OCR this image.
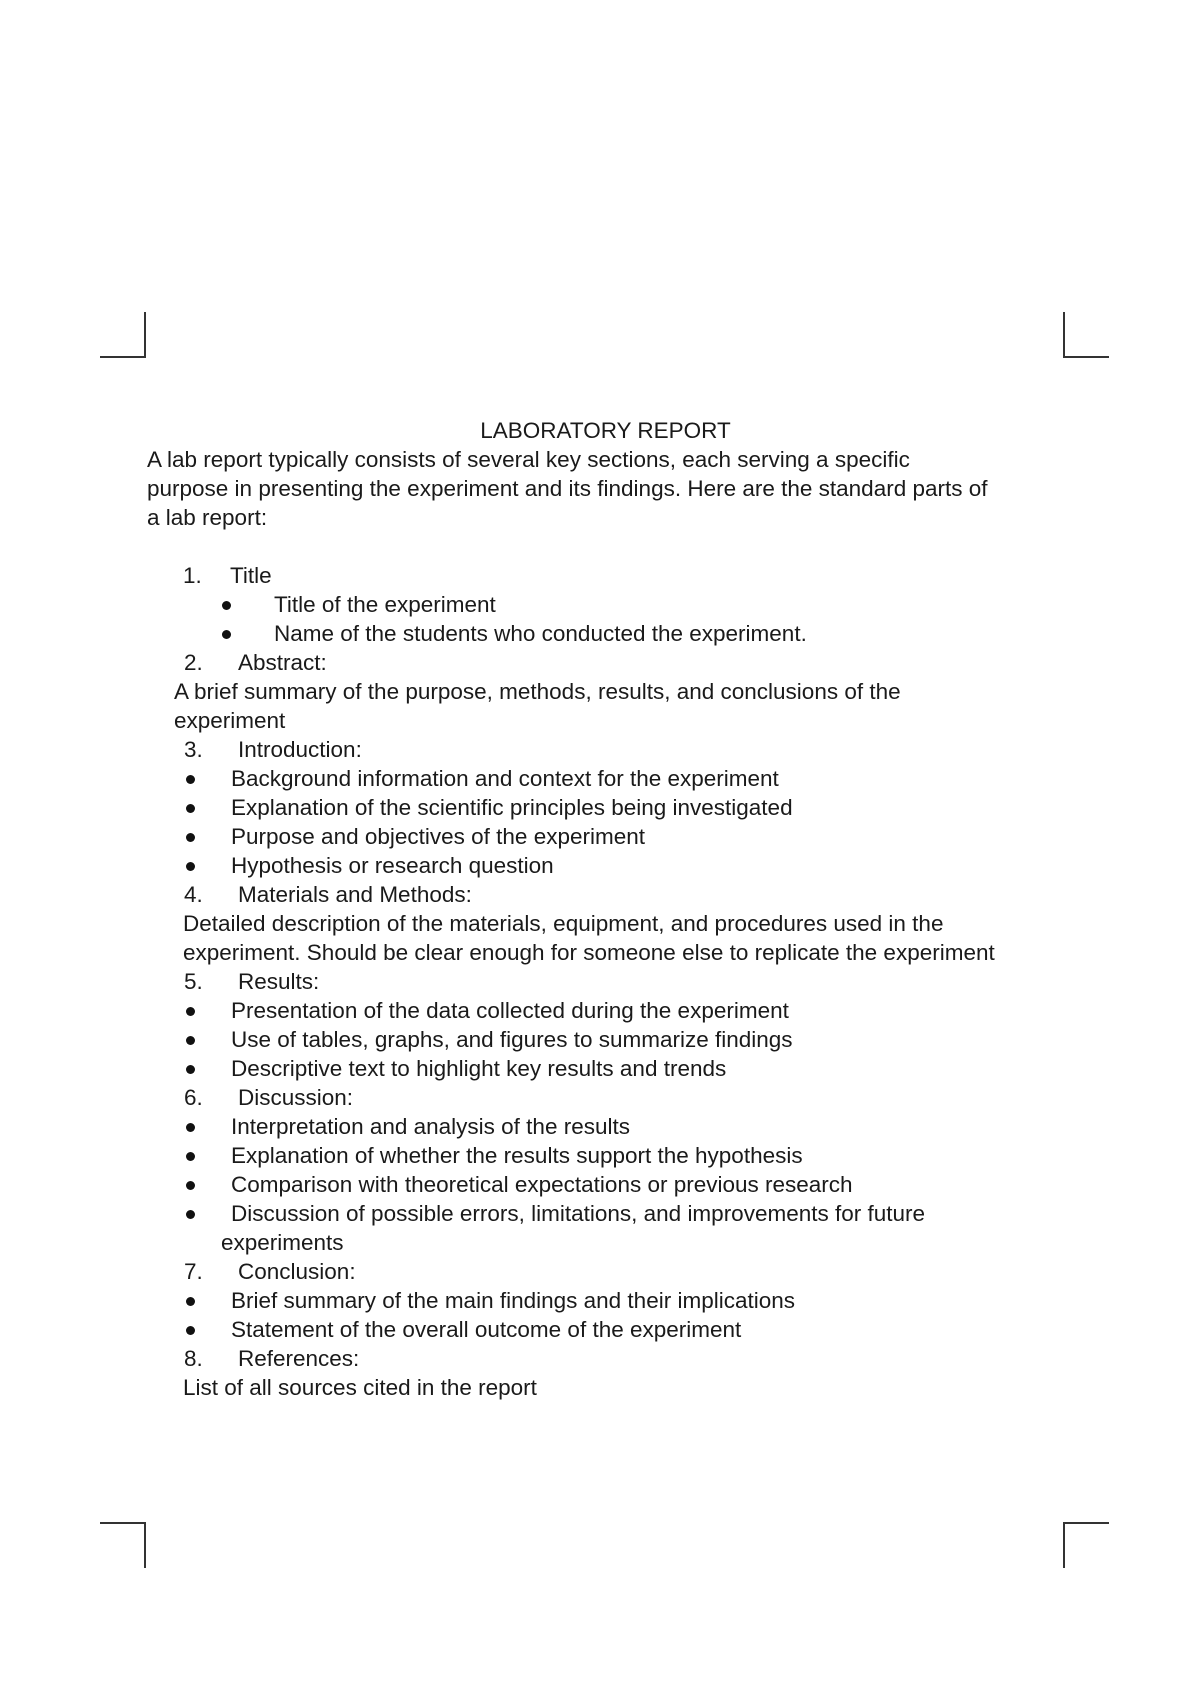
LABORATORY REPORT
A lab report typically consists of several key sections, each serving a specific
purpose in presenting the experiment and its findings. Here are the standard parts of
a lab report:
1. Title
Title of the experiment
Name of the students who conducted the experiment.
2. Abstract:
A brief summary of the purpose, methods, results, and conclusions of the
experiment
3. Introduction:
Background information and context for the experiment
Explanation of the scientific principles being investigated
Purpose and objectives of the experiment
Hypothesis or research question
4. Materials and Methods:
Detailed description of the materials, equipment, and procedures used in the
experiment. Should be clear enough for someone else to replicate the experiment
5. Results:
Presentation of the data collected during the experiment
Use of tables, graphs, and figures to summarize findings
Descriptive text to highlight key results and trends
6. Discussion:
Interpretation and analysis of the results
Explanation of whether the results support the hypothesis
Comparison with theoretical expectations or previous research
Discussion of possible errors, limitations, and improvements for future
experiments
7. Conclusion:
Brief summary of the main findings and their implications
Statement of the overall outcome of the experiment
8. References:
List of all sources cited in the report
